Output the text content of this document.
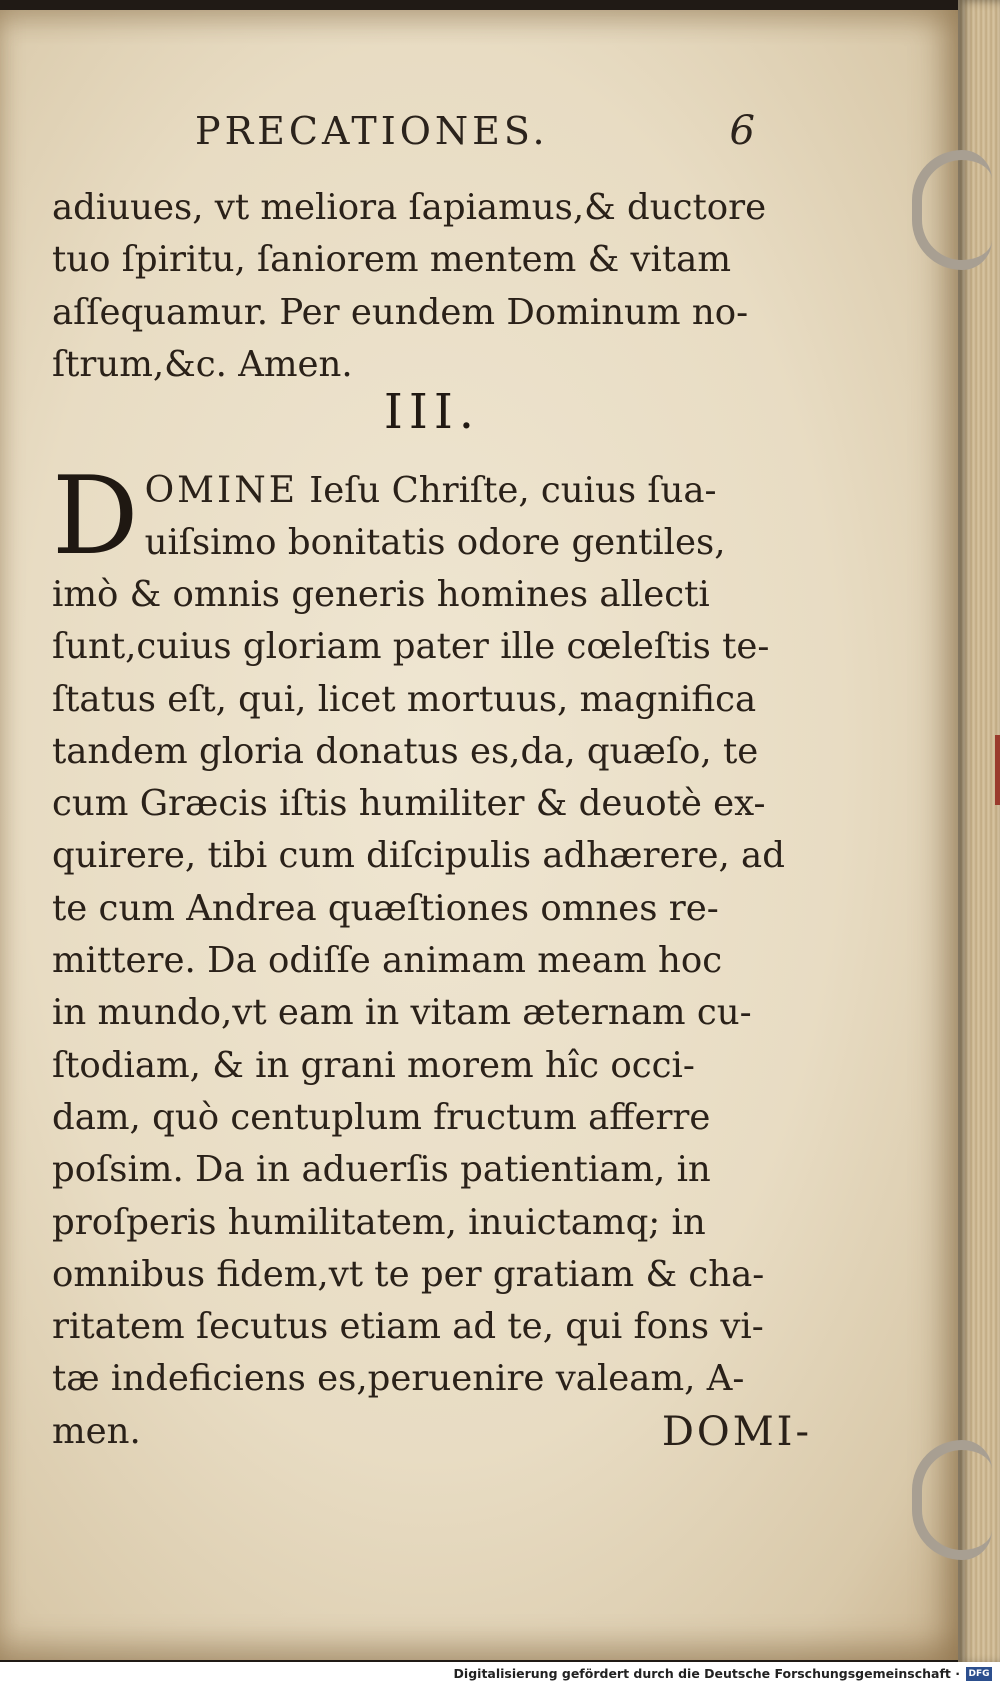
PRECATIONES.	6
adiuues, vt meliora ſapiamus,& ductore
tuo ſpiritu, ſaniorem mentem & vitam
aſſequamur. Per eundem Dominum no-
ſtrum,&c. Amen.
III.
D OMINE Ieſu Chriſte, cuius ſua-
uiſsimo bonitatis odore gentiles,
imò & omnis generis homines allecti
ſunt,cuius gloriam pater ille cœleſtis te-
ſtatus eſt, qui, licet mortuus, magnifica
tandem gloria donatus es,da, quæſo, te
cum Græcis iſtis humiliter & deuotè ex-
quirere, tibi cum diſcipulis adhærere, ad
te cum Andrea quæſtiones omnes re-
mittere. Da odiſſe animam meam hoc
in mundo,vt eam in vitam æternam cu-
ſtodiam, & in grani morem hîc occi-
dam, quò centuplum fructum afferre
poſsim. Da in aduerſis patientiam, in
proſperis humilitatem, inuictamq; in
omnibus fidem,vt te per gratiam & cha-
ritatem ſecutus etiam ad te, qui fons vi-
tæ indeficiens es,peruenire valeam, A-
men.	DOMI-
Digitalisierung gefördert durch die Deutsche Forschungsgemeinschaft · DFG
